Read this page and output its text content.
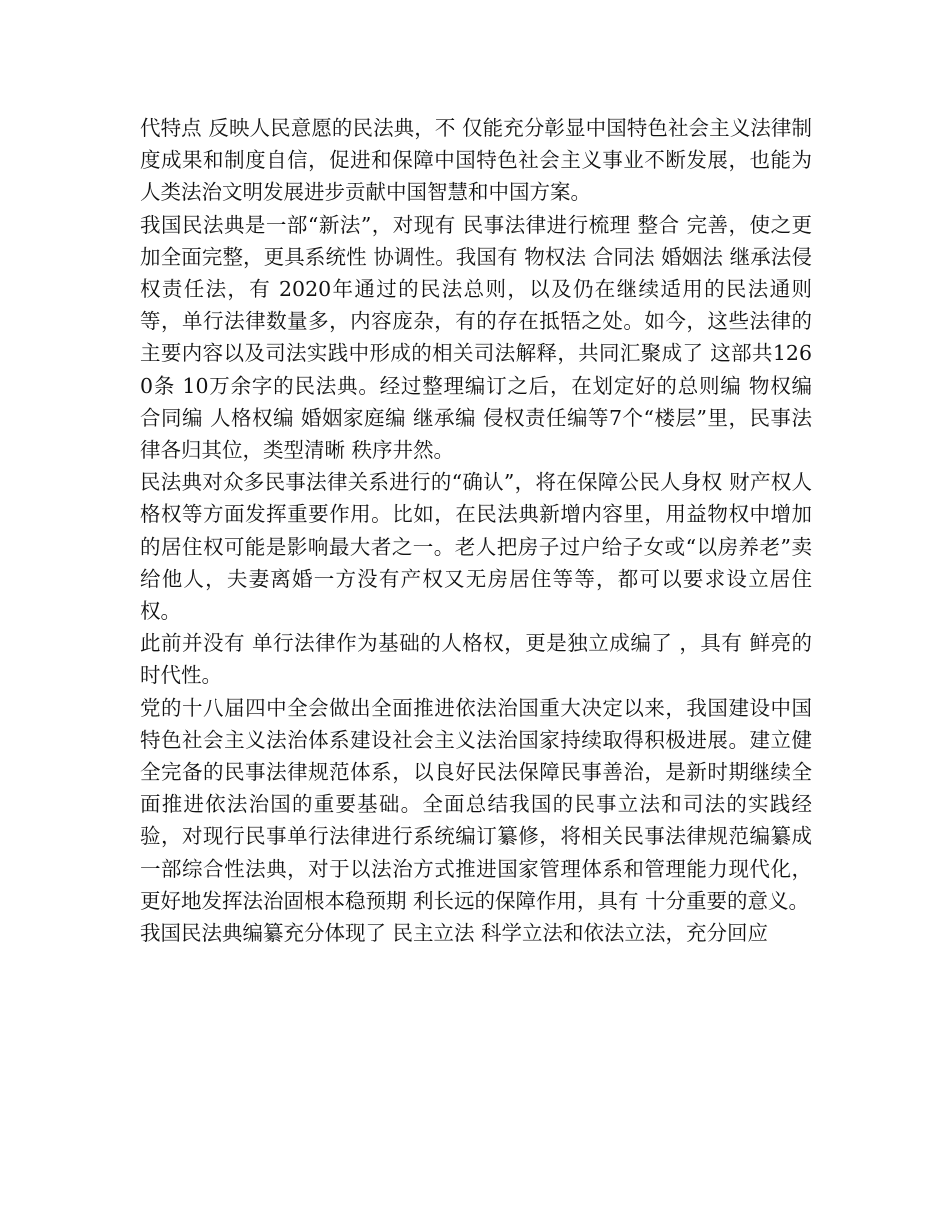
代特点 反映人民意愿的民法典，不 仅能充分彰显中国特色社会主义法律制度成果和制度自信，促进和保障中国特色社会主义事业不断发展，也能为人类法治文明发展进步贡献中国智慧和中国方案。

我国民法典是一部“新法”，对现有 民事法律进行梳理 整合 完善，使之更加全面完整，更具系统性 协调性。我国有 物权法 合同法 婚姻法 继承法侵权责任法，有 2020年通过的民法总则，以及仍在继续适用的民法通则等，单行法律数量多，内容庞杂，有的存在抵牾之处。如今，这些法律的主要内容以及司法实践中形成的相关司法解释，共同汇聚成了 这部共1260条 10万余字的民法典。经过整理编订之后，在划定好的总则编 物权编 合同编 人格权编 婚姻家庭编 继承编 侵权责任编等7个“楼层”里，民事法律各归其位，类型清晰 秩序井然。

民法典对众多民事法律关系进行的“确认”，将在保障公民人身权 财产权人格权等方面发挥重要作用。比如，在民法典新增内容里，用益物权中增加的居住权可能是影响最大者之一。老人把房子过户给子女或“以房养老”卖给他人，夫妻离婚一方没有产权又无房居住等等，都可以要求设立居住权。

此前并没有 单行法律作为基础的人格权，更是独立成编了 ，具有 鲜亮的时代性。

党的十八届四中全会做出全面推进依法治国重大决定以来，我国建设中国特色社会主义法治体系建设社会主义法治国家持续取得积极进展。建立健全完备的民事法律规范体系，以良好民法保障民事善治，是新时期继续全面推进依法治国的重要基础。全面总结我国的民事立法和司法的实践经验，对现行民事单行法律进行系统编订纂修，将相关民事法律规范编纂成一部综合性法典，对于以法治方式推进国家管理体系和管理能力现代化，更好地发挥法治固根本稳预期 利长远的保障作用，具有 十分重要的意义。

我国民法典编纂充分体现了 民主立法 科学立法和依法立法，充分回应
